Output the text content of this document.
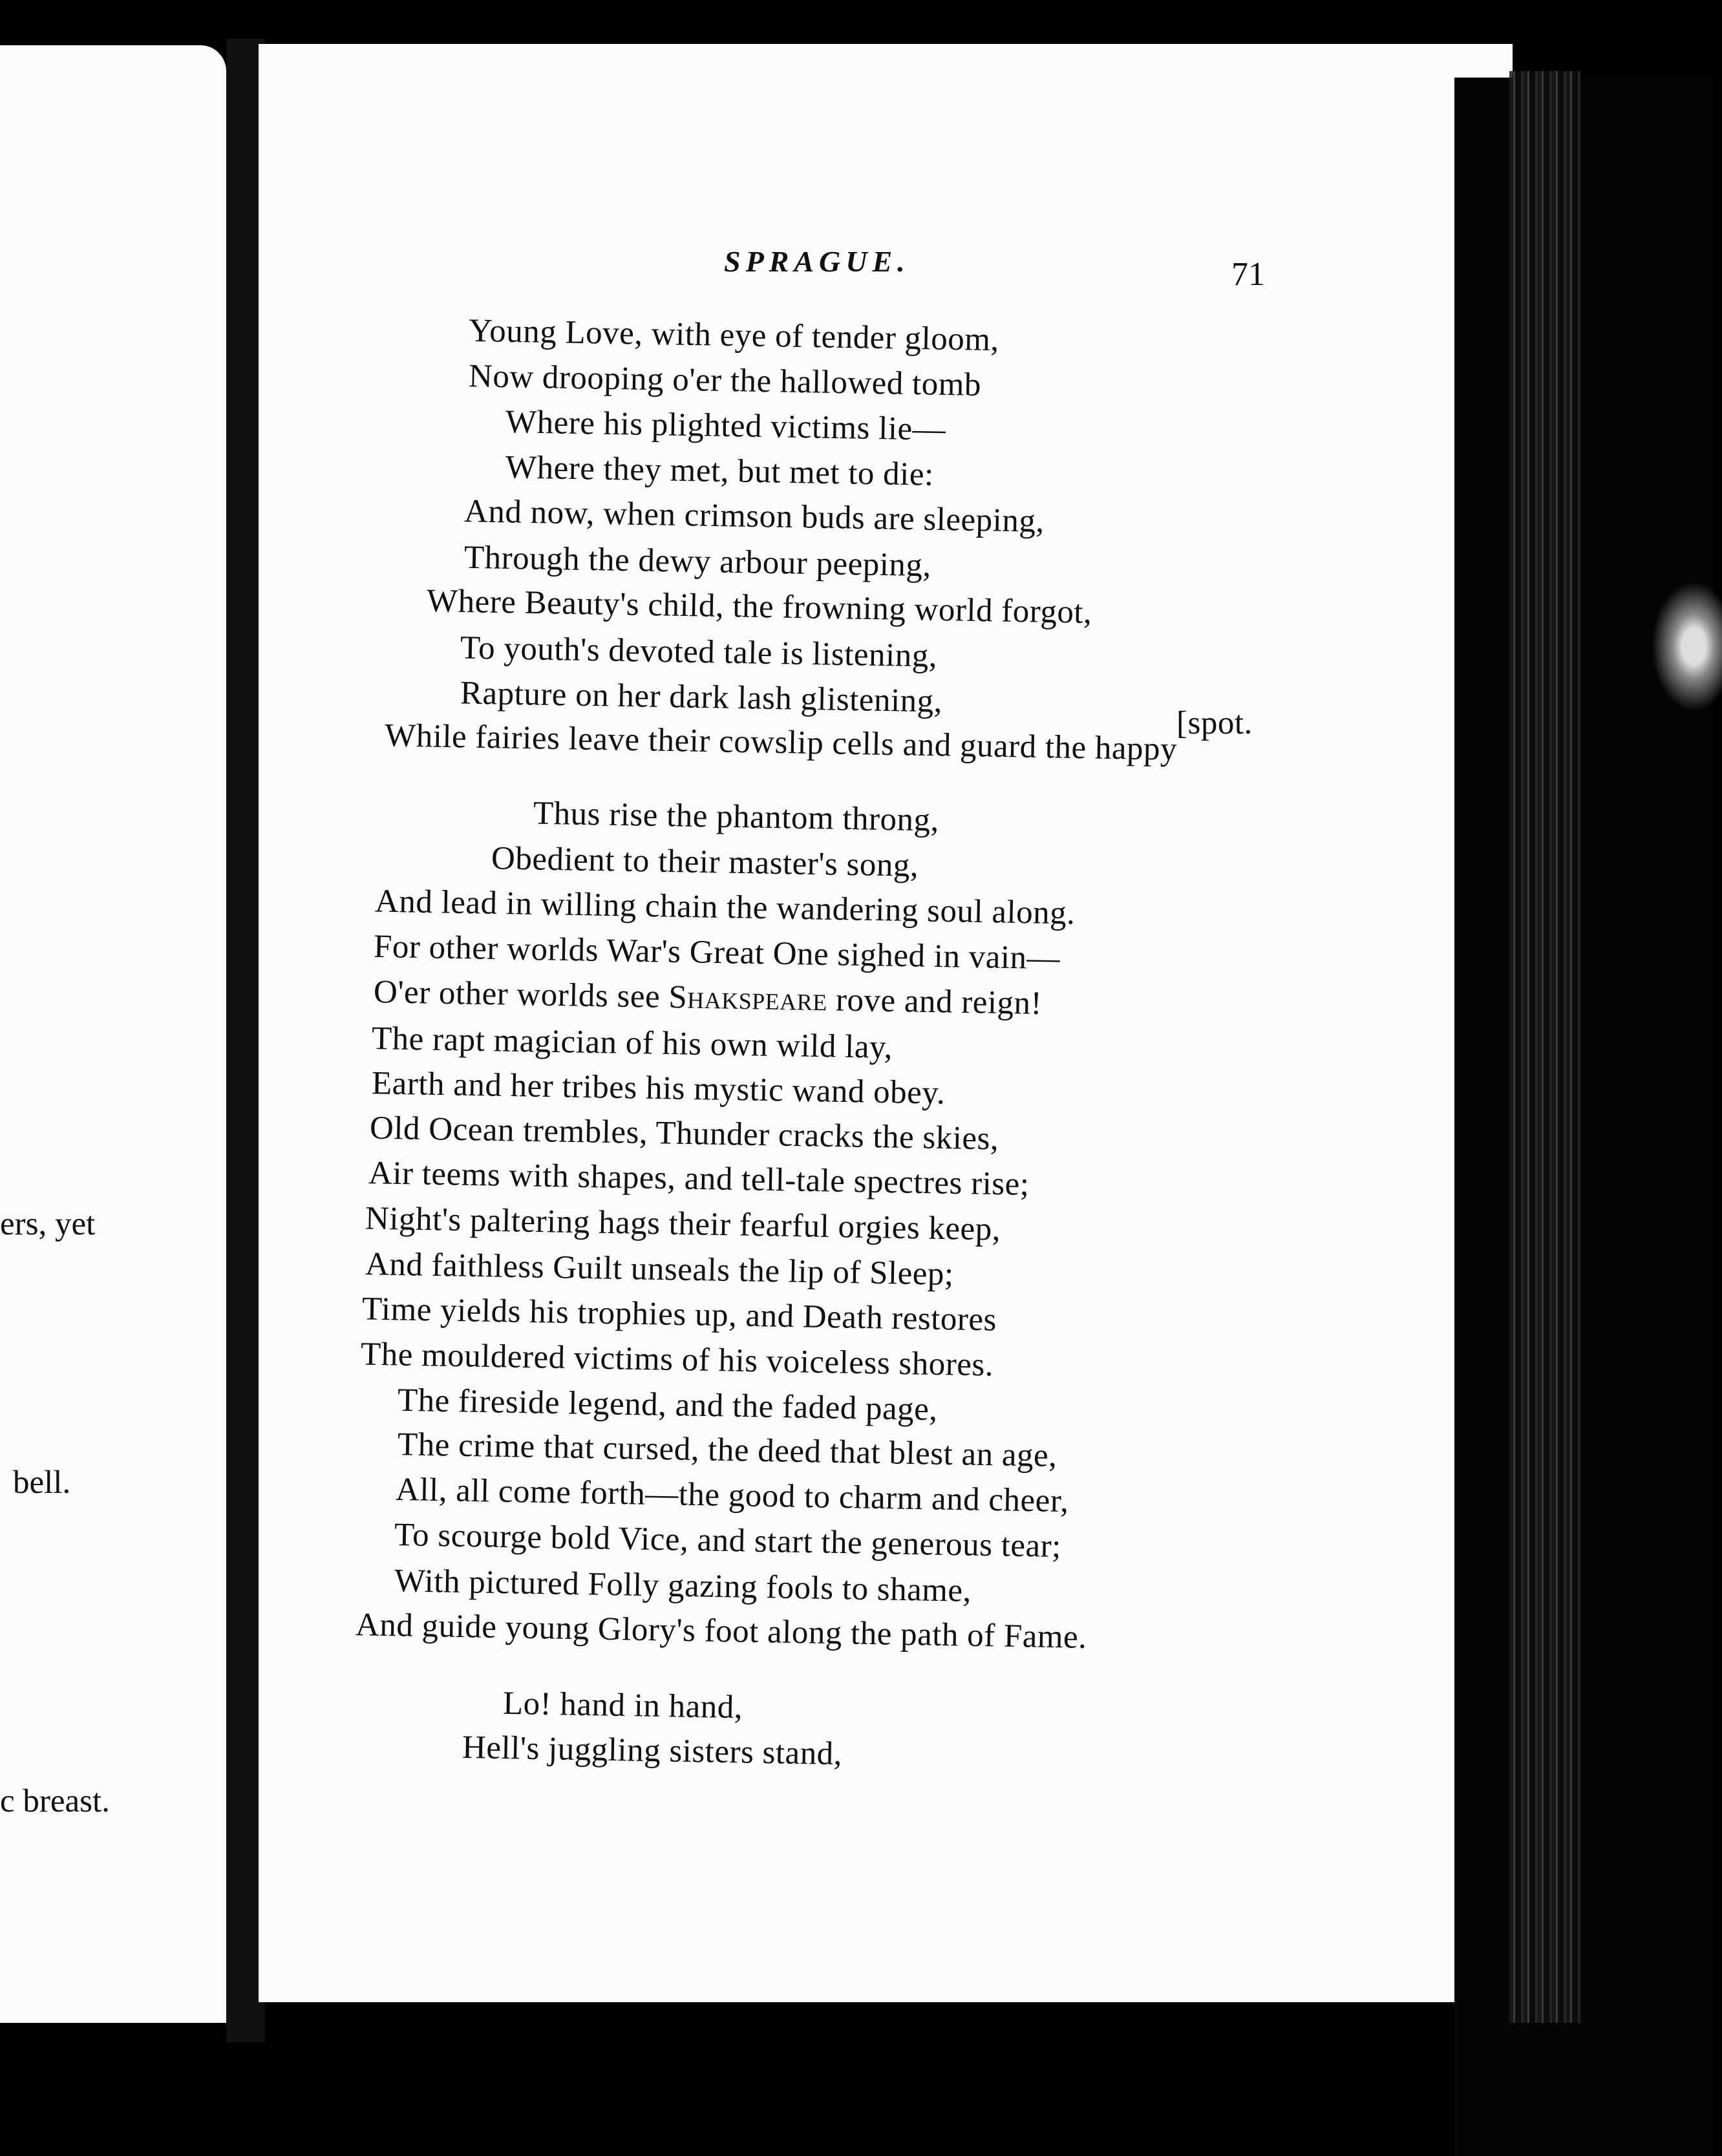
ers, yet
bell.
c breast.
SPRAGUE.	71
Young Love, with eye of tender gloom,
Now drooping o'er the hallowed tomb
Where his plighted victims lie—
Where they met, but met to die:
And now, when crimson buds are sleeping,
Through the dewy arbour peeping,
Where Beauty's child, the frowning world forgot,
To youth's devoted tale is listening,
Rapture on her dark lash glistening,
While fairies leave their cowslip cells and guard the happy
[spot.
Thus rise the phantom throng,
Obedient to their master's song,
And lead in willing chain the wandering soul along.
For other worlds War's Great One sighed in vain—
O'er other worlds see Shakspeare rove and reign!
The rapt magician of his own wild lay,
Earth and her tribes his mystic wand obey.
Old Ocean trembles, Thunder cracks the skies,
Air teems with shapes, and tell-tale spectres rise;
Night's paltering hags their fearful orgies keep,
And faithless Guilt unseals the lip of Sleep;
Time yields his trophies up, and Death restores
The mouldered victims of his voiceless shores.
The fireside legend, and the faded page,
The crime that cursed, the deed that blest an age,
All, all come forth—the good to charm and cheer,
To scourge bold Vice, and start the generous tear;
With pictured Folly gazing fools to shame,
And guide young Glory's foot along the path of Fame.
Lo! hand in hand,
Hell's juggling sisters stand,
